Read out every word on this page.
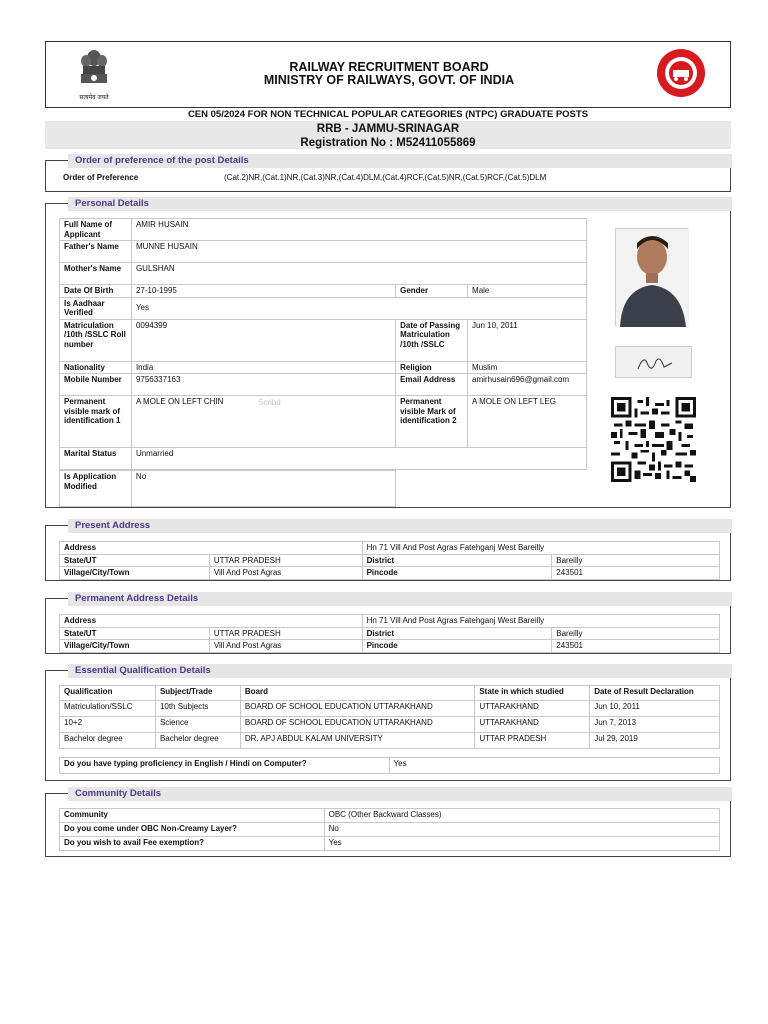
सत्यमेव जयते
RAILWAY RECRUITMENT BOARD
MINISTRY OF RAILWAYS, GOVT. OF INDIA
CEN 05/2024 FOR NON TECHNICAL POPULAR CATEGORIES (NTPC) GRADUATE POSTS
RRB - JAMMU-SRINAGAR
Registration No : M52411055869
Order of preference of the post Details
Order of Preference	(Cat.2)NR,(Cat.1)NR,(Cat.3)NR,(Cat.4)DLM,(Cat.4)RCF,(Cat.5)NR,(Cat.5)RCF,(Cat.5)DLM
Personal Details
Full Name of Applicant	AMIR HUSAIN		
Father's Name	MUNNE HUSAIN		
Mother's Name	GULSHAN		
Date Of Birth	27-10-1995	Gender	Male
Is Aadhaar Verified	Yes		
Matriculation /10th /SSLC Roll number	0094399	Date of Passing Matriculation /10th /SSLC	Jun 10, 2011
Nationality	India	Religion	Muslim
Mobile Number	9756337163	Email Address	amirhusain696@gmail.com
Permanent visible mark of identification 1	A MOLE ON LEFT CHIN	Permanent visible Mark of identification 2	A MOLE ON LEFT LEG
Marital Status	Unmarried		
Is Application Modified	No
Scribd
Present Address
Address		Hn 71 Vill And Post Agras Fatehganj West Bareilly	
State/UT	UTTAR PRADESH	District	Bareilly
Village/City/Town	Vill And Post Agras	Pincode	243501
Permanent Address Details
Address		Hn 71 Vill And Post Agras Fatehganj West Bareilly	
State/UT	UTTAR PRADESH	District	Bareilly
Village/City/Town	Vill And Post Agras	Pincode	243501
Essential Qualification Details
Qualification	Subject/Trade	Board	State in which studied	Date of Result Declaration
Matriculation/SSLC	10th Subjects	BOARD OF SCHOOL EDUCATION UTTARAKHAND	UTTARAKHAND	Jun 10, 2011
10+2	Science	BOARD OF SCHOOL EDUCATION UTTARAKHAND	UTTARAKHAND	Jun 7, 2013
Bachelor degree	Bachelor degree	DR. APJ ABDUL KALAM UNIVERSITY	UTTAR PRADESH	Jul 29, 2019
Do you have typing proficiency in English / Hindi on Computer?	Yes
Community Details
Community	OBC (Other Backward Classes)
Do you come under OBC Non-Creamy Layer?	No
Do you wish to avail Fee exemption?	Yes
